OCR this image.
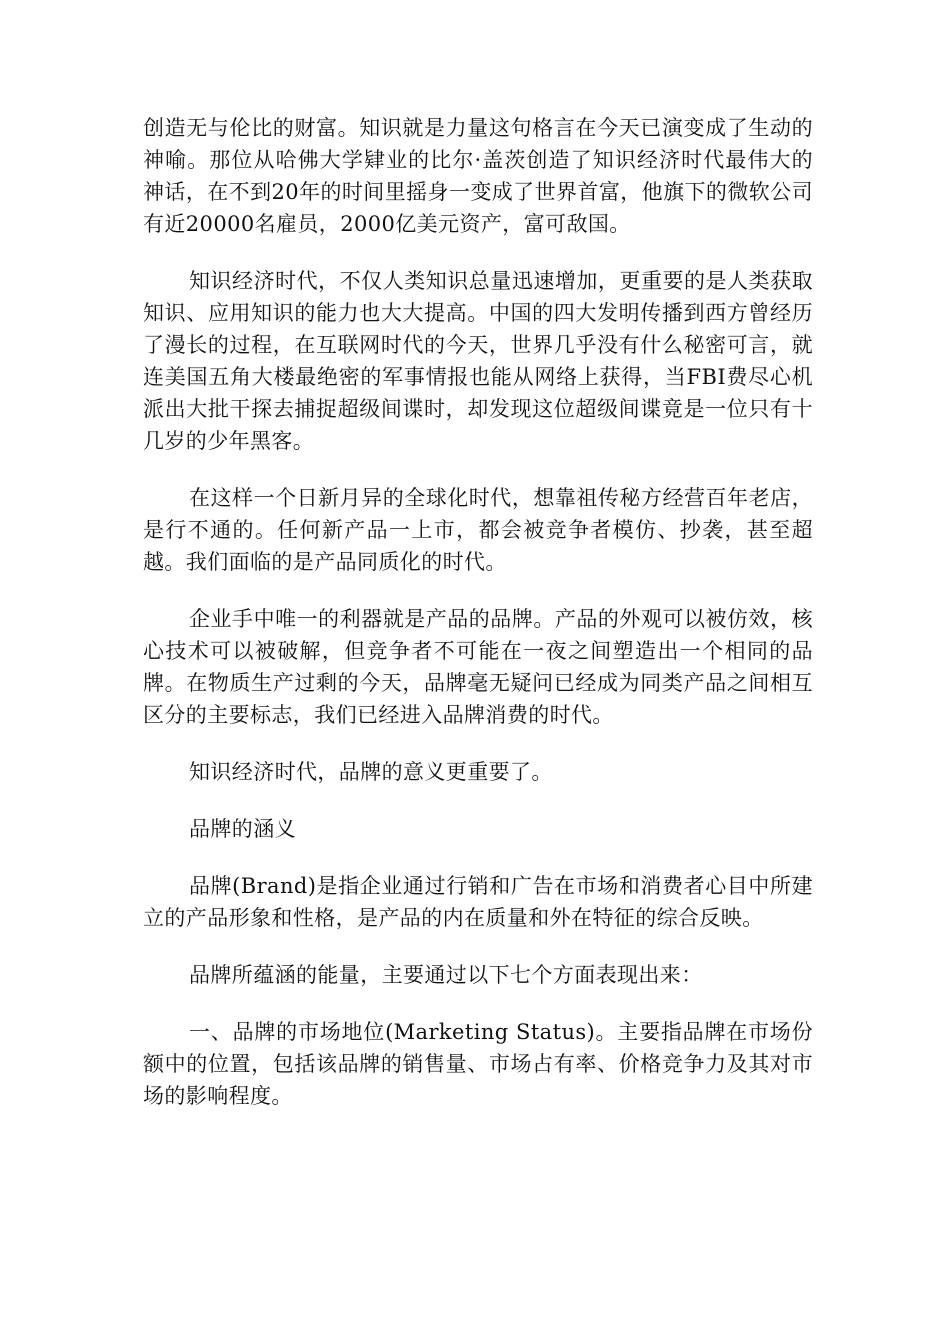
创造无与伦比的财富。知识就是力量这句格言在今天已演变成了生动的神喻。那位从哈佛大学肄业的比尔·盖茨创造了知识经济时代最伟大的神话，在不到20年的时间里摇身一变成了世界首富，他旗下的微软公司有近20000名雇员，2000亿美元资产，富可敌国。

知识经济时代，不仅人类知识总量迅速增加，更重要的是人类获取知识、应用知识的能力也大大提高。中国的四大发明传播到西方曾经历了漫长的过程，在互联网时代的今天，世界几乎没有什么秘密可言，就连美国五角大楼最绝密的军事情报也能从网络上获得，当FBI费尽心机派出大批干探去捕捉超级间谍时，却发现这位超级间谍竟是一位只有十几岁的少年黑客。

在这样一个日新月异的全球化时代，想靠祖传秘方经营百年老店，是行不通的。任何新产品一上市，都会被竞争者模仿、抄袭，甚至超越。我们面临的是产品同质化的时代。

企业手中唯一的利器就是产品的品牌。产品的外观可以被仿效，核心技术可以被破解，但竞争者不可能在一夜之间塑造出一个相同的品牌。在物质生产过剩的今天，品牌毫无疑问已经成为同类产品之间相互区分的主要标志，我们已经进入品牌消费的时代。

知识经济时代，品牌的意义更重要了。

品牌的涵义

品牌(Brand)是指企业通过行销和广告在市场和消费者心目中所建立的产品形象和性格，是产品的内在质量和外在特征的综合反映。

品牌所蕴涵的能量，主要通过以下七个方面表现出来：

一、品牌的市场地位(Marketing Status)。主要指品牌在市场份额中的位置，包括该品牌的销售量、市场占有率、价格竞争力及其对市场的影响程度。
